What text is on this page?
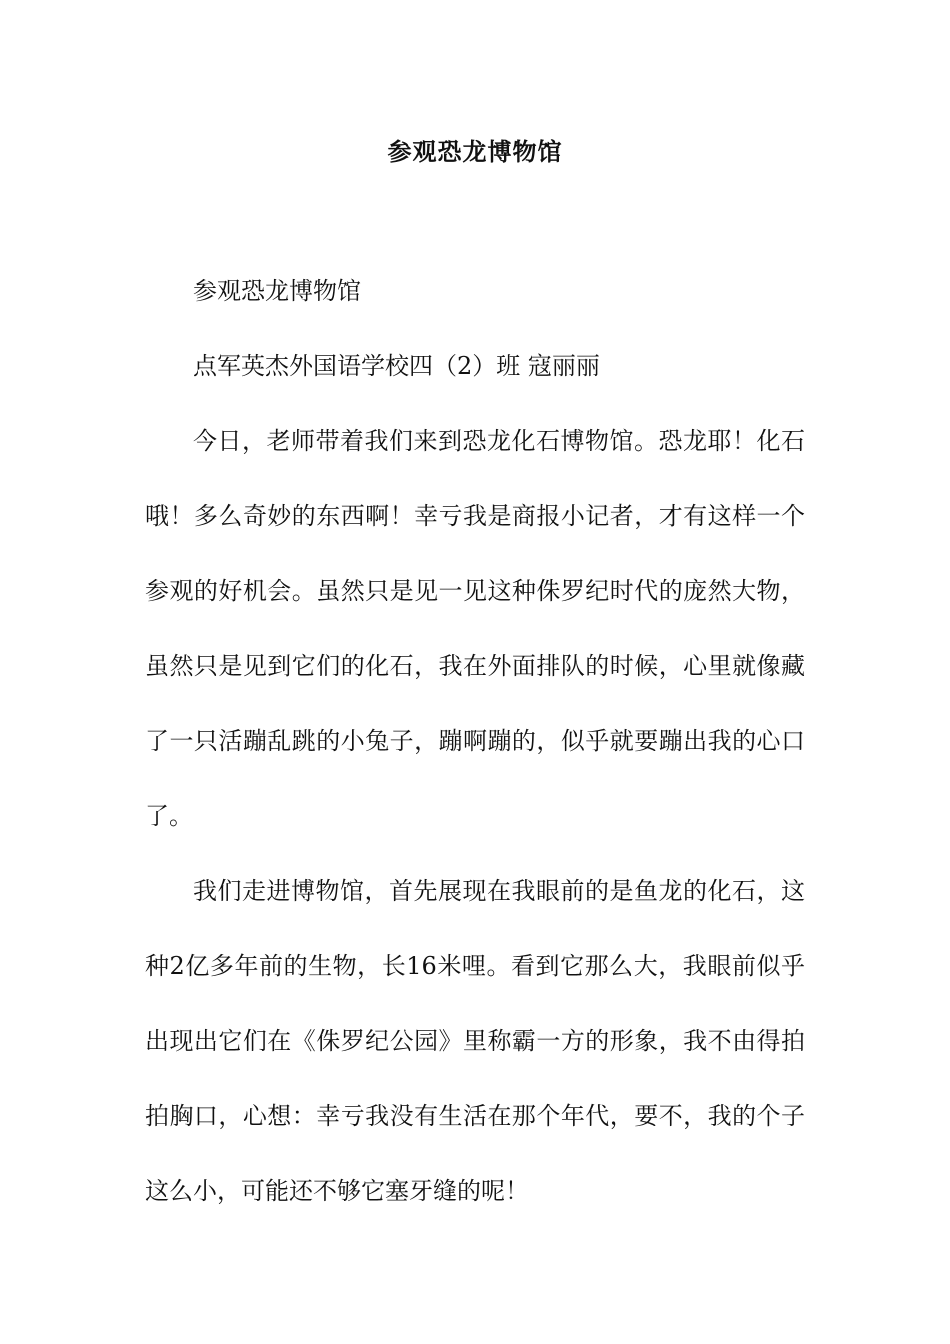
参观恐龙博物馆

参观恐龙博物馆

点军英杰外国语学校四（2）班 寇丽丽

今日，老师带着我们来到恐龙化石博物馆。恐龙耶！化石哦！多么奇妙的东西啊！幸亏我是商报小记者，才有这样一个参观的好机会。虽然只是见一见这种侏罗纪时代的庞然大物，虽然只是见到它们的化石，我在外面排队的时候，心里就像藏了一只活蹦乱跳的小兔子，蹦啊蹦的，似乎就要蹦出我的心口了。

我们走进博物馆，首先展现在我眼前的是鱼龙的化石，这种2亿多年前的生物，长16米哩。看到它那么大，我眼前似乎出现出它们在《侏罗纪公园》里称霸一方的形象，我不由得拍拍胸口，心想：幸亏我没有生活在那个年代，要不，我的个子这么小，可能还不够它塞牙缝的呢！
